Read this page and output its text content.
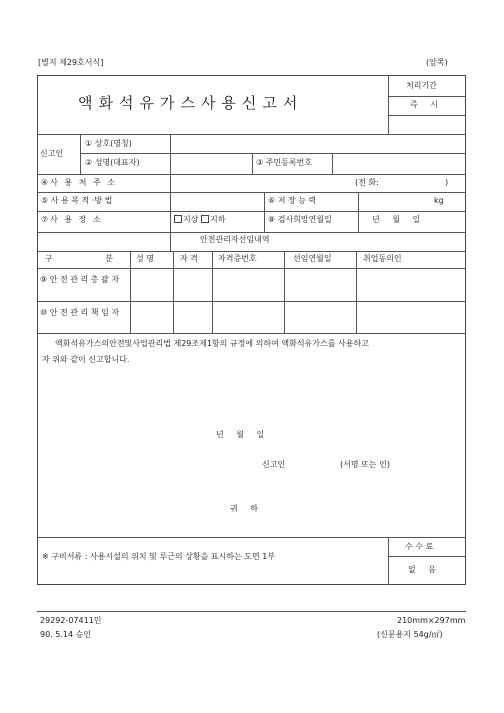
[별지 제29호서식]	(앞쪽)
액화석유가스사용신고서
처리기간
즉 시
신고인
① 상호(명칭)
② 성명(대표자)	③ 주민등록번호
④사 용 처 주 소	(전 화:	)
⑤ 사 용 목 적 ·방 법	⑥ 저 장 능 력	kg
⑦사 용 장 소	지상 지하	⑧ 검사희망연월일	년 월 일
안전관리자선임내역
구 분	성 명	자 격	자격증번호	선임연월일	취업동의인
⑨ 안 전 관 리 총 괄 자
⑩ 안 전 관 리 책 임 자
액화석유가스의안전및사업관리법 제29조제1항의 규정에 의하여 액화석유가스를 사용하고
자 위와 같이 신고합니다.
년 월 일
신고인	(서명 또는 인)
귀 하
※ 구비서류 : 사용시설의 위치 및 루근의 상황을 표시하는 도면 1부
수 수 료
없 음
29292-07411민
90. 5.14 승인
210mm×297mm
(신문용지 54g/㎡)
